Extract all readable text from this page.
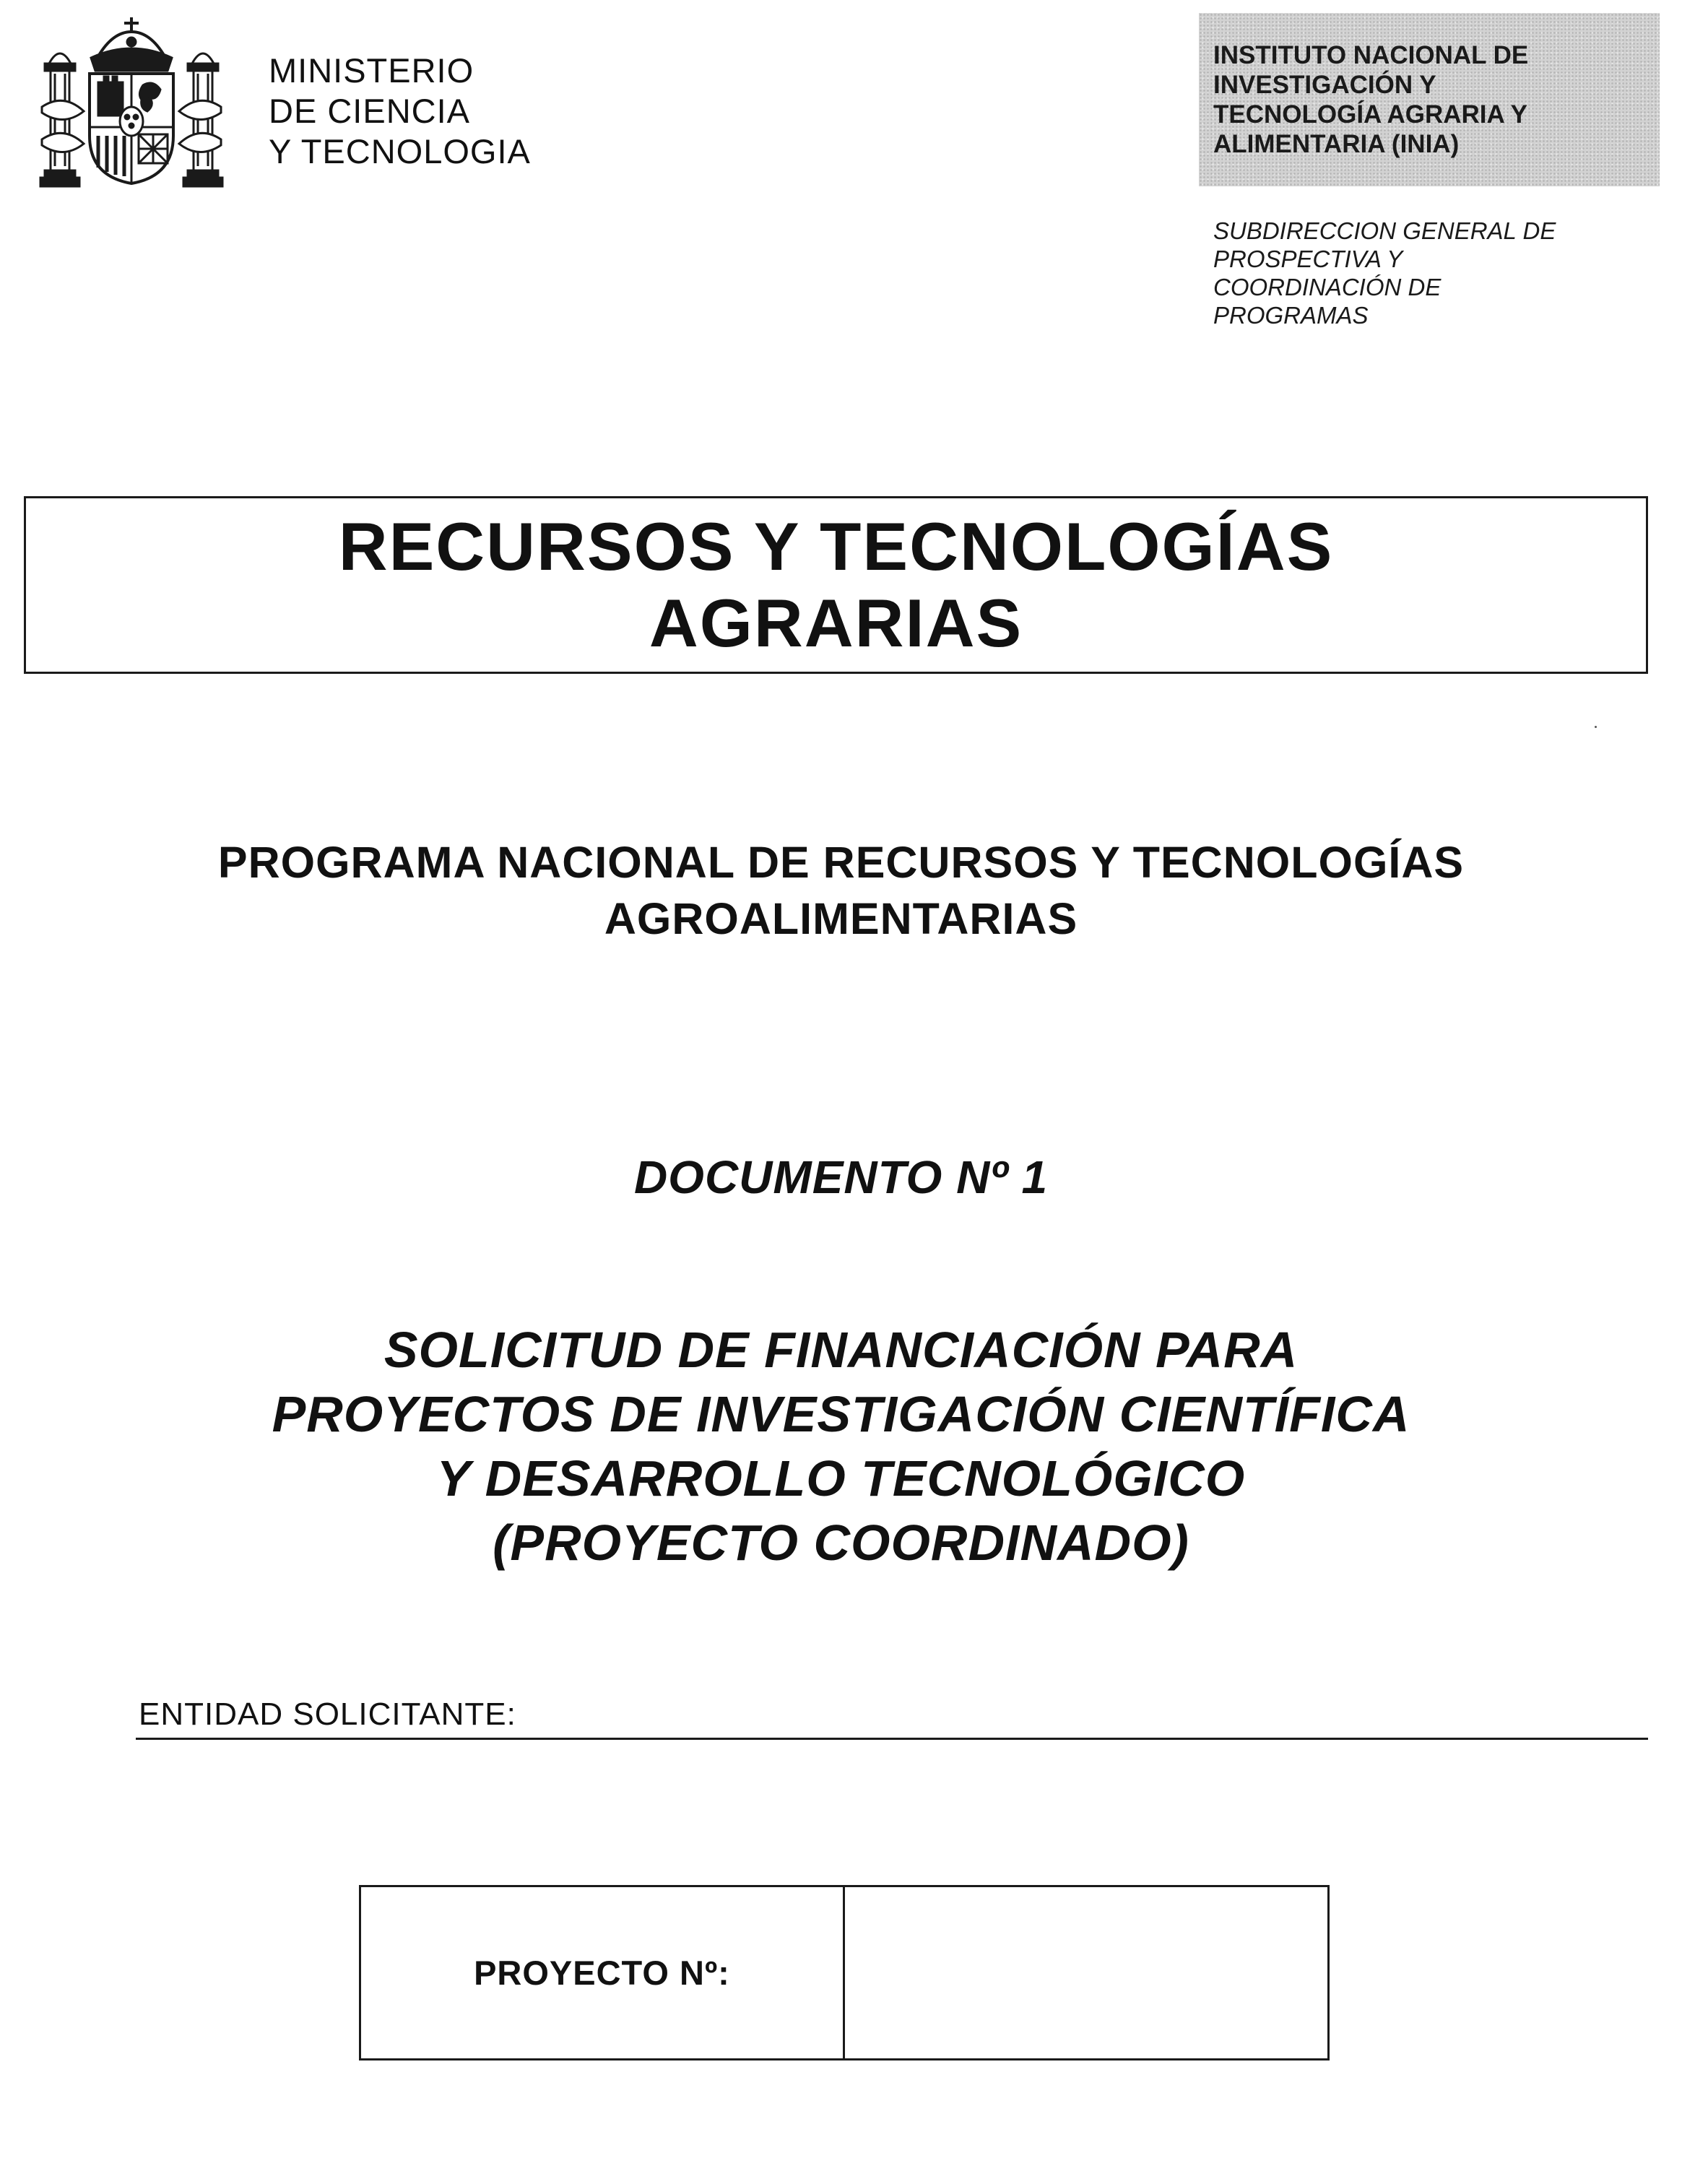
MINISTERIO
DE CIENCIA
Y TECNOLOGIA
INSTITUTO NACIONAL DE
INVESTIGACIÓN Y
TECNOLOGÍA AGRARIA Y
ALIMENTARIA (INIA)
SUBDIRECCION GENERAL DE
PROSPECTIVA Y
COORDINACIÓN DE
PROGRAMAS
RECURSOS Y TECNOLOGÍAS
AGRARIAS
PROGRAMA NACIONAL DE RECURSOS Y TECNOLOGÍAS
AGROALIMENTARIAS
DOCUMENTO Nº 1
SOLICITUD DE FINANCIACIÓN PARA
PROYECTOS DE INVESTIGACIÓN CIENTÍFICA
Y DESARROLLO TECNOLÓGICO
(PROYECTO COORDINADO)
ENTIDAD SOLICITANTE:
PROYECTO Nº:	
